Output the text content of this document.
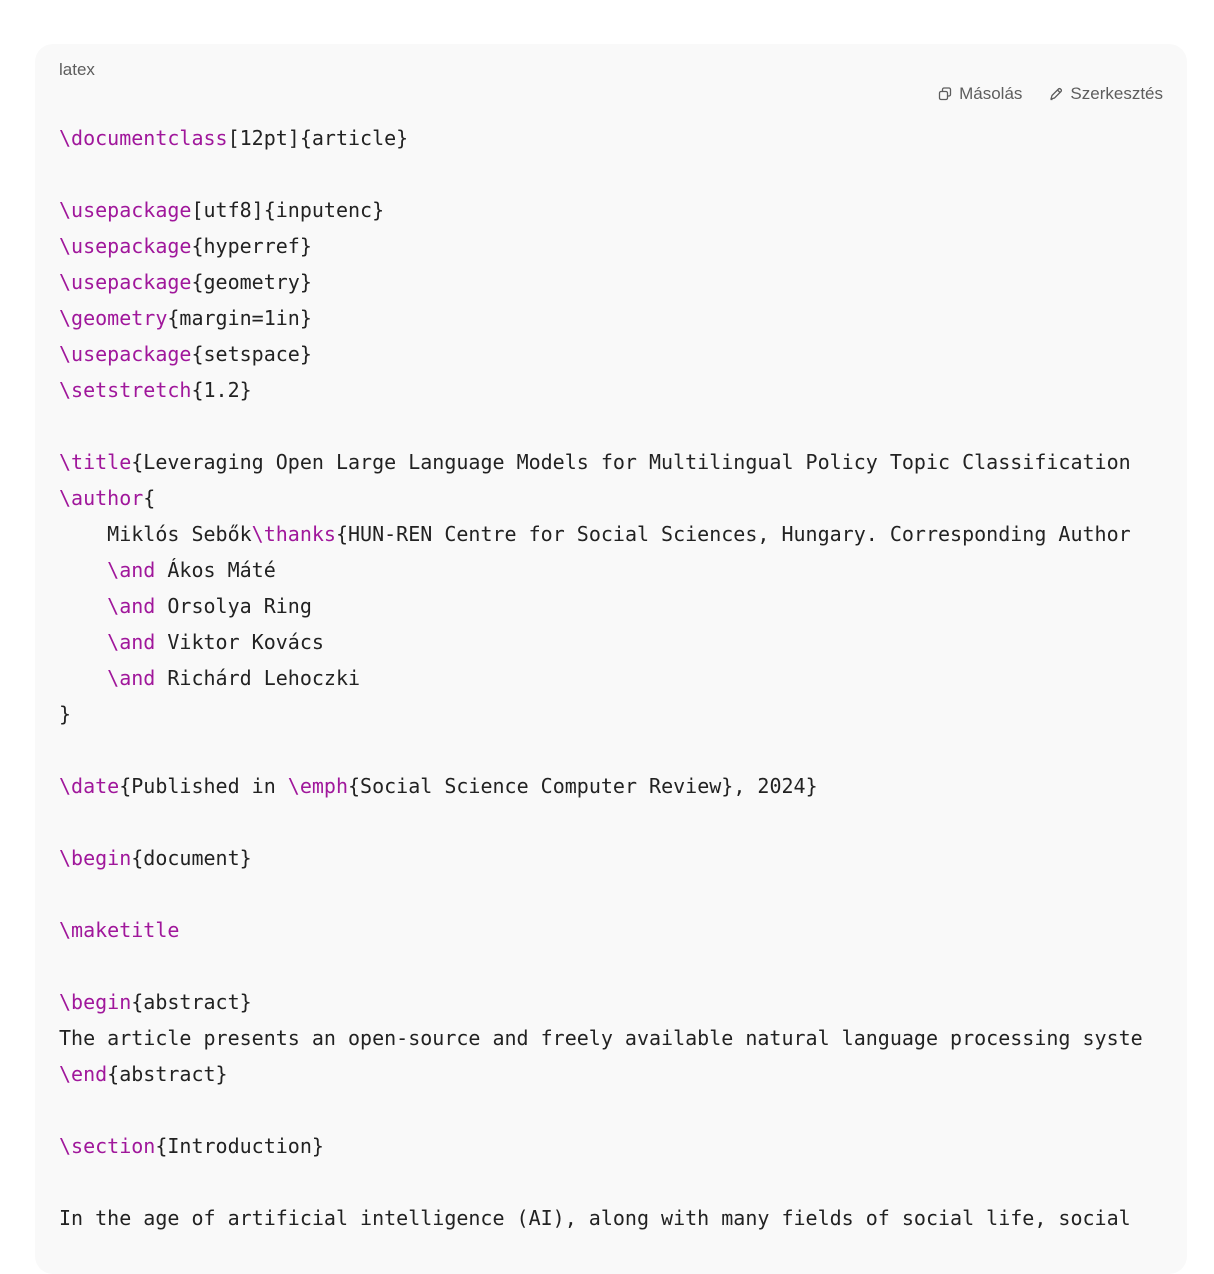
latex
Másolás	Szerkesztés
\documentclass[12pt]{article}
\usepackage[utf8]{inputenc}
\usepackage{hyperref}
\usepackage{geometry}
\geometry{margin=1in}
\usepackage{setspace}
\setstretch{1.2}
\title{Leveraging Open Large Language Models for Multilingual Policy Topic Classification
\author{
Miklós Sebők\thanks{HUN-REN Centre for Social Sciences, Hungary. Corresponding Author
\and Ákos Máté
\and Orsolya Ring
\and Viktor Kovács
\and Richárd Lehoczki
}
\date{Published in \emph{Social Science Computer Review}, 2024}
\begin{document}
\maketitle
\begin{abstract}
The article presents an open-source and freely available natural language processing syste
\end{abstract}
\section{Introduction}
In the age of artificial intelligence (AI), along with many fields of social life, social
